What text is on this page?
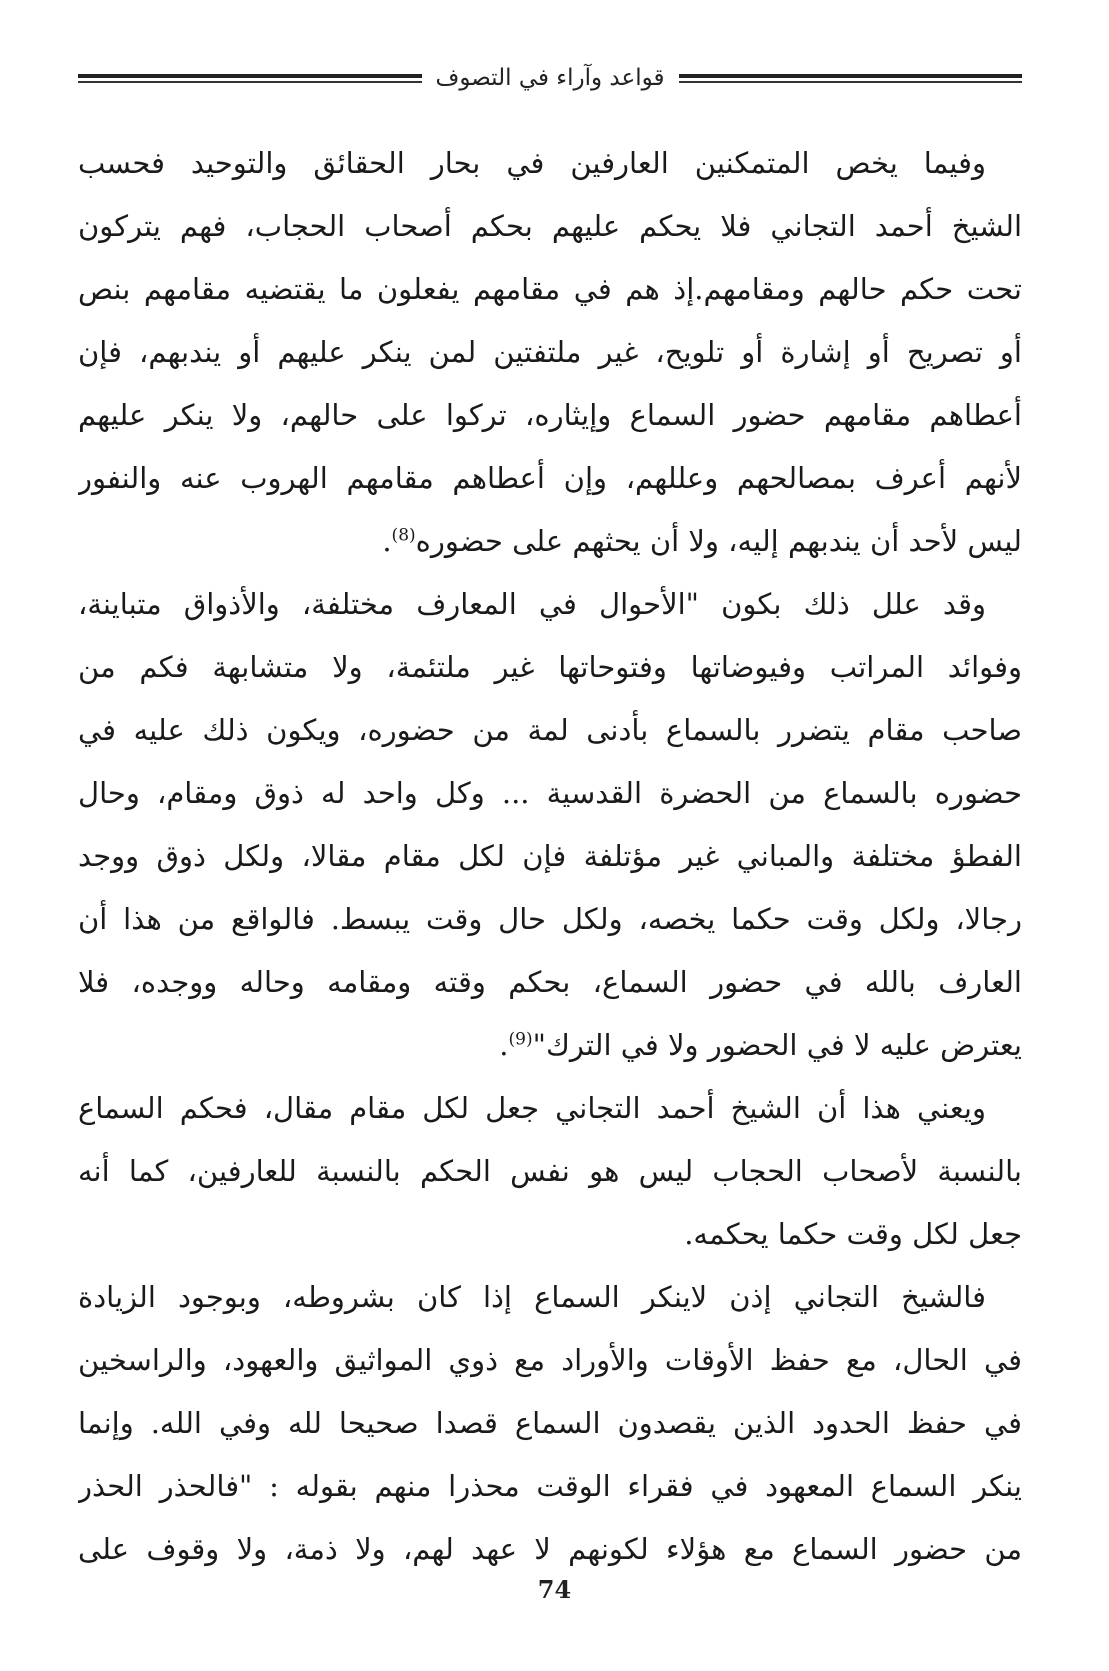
قواعد وآراء في التصوف
وفيما يخص المتمكنين العارفين في بحار الحقائق والتوحيد فحسب
الشيخ أحمد التجاني فلا يحكم عليهم بحكم أصحاب الحجاب، فهم يتركون
تحت حكم حالهم ومقامهم.إذ هم في مقامهم يفعلون ما يقتضيه مقامهم بنص
أو تصريح أو إشارة أو تلويح، غير ملتفتين لمن ينكر عليهم أو يندبهم، فإن
أعطاهم مقامهم حضور السماع وإيثاره، تركوا على حالهم، ولا ينكر عليهم
لأنهم أعرف بمصالحهم وعللهم، وإن أعطاهم مقامهم الهروب عنه والنفور
ليس لأحد أن يندبهم إليه، ولا أن يحثهم على حضوره$^{(8)}$.
وقد علل ذلك بكون "الأحوال في المعارف مختلفة، والأذواق متباينة،
وفوائد المراتب وفيوضاتها وفتوحاتها غير ملتئمة، ولا متشابهة فكم من
صاحب مقام يتضرر بالسماع بأدنى لمة من حضوره، ويكون ذلك عليه في
حضوره بالسماع من الحضرة القدسية ... وكل واحد له ذوق ومقام، وحال
الفطؤ مختلفة والمباني غير مؤتلفة فإن لكل مقام مقالا، ولكل ذوق ووجد
رجالا، ولكل وقت حكما يخصه، ولكل حال وقت يبسط. فالواقع من هذا أن
العارف بالله في حضور السماع، بحكم وقته ومقامه وحاله ووجده، فلا
يعترض عليه لا في الحضور ولا في الترك"$^{(9)}$.
ويعني هذا أن الشيخ أحمد التجاني جعل لكل مقام مقال، فحكم السماع
بالنسبة لأصحاب الحجاب ليس هو نفس الحكم بالنسبة للعارفين، كما أنه
جعل لكل وقت حكما يحكمه.
فالشيخ التجاني إذن لاينكر السماع إذا كان بشروطه، وبوجود الزيادة
في الحال، مع حفظ الأوقات والأوراد مع ذوي المواثيق والعهود، والراسخين
في حفظ الحدود الذين يقصدون السماع قصدا صحيحا لله وفي الله. وإنما
ينكر السماع المعهود في فقراء الوقت محذرا منهم بقوله : "فالحذر الحذر
من حضور السماع مع هؤلاء لكونهم لا عهد لهم، ولا ذمة، ولا وقوف على
74
